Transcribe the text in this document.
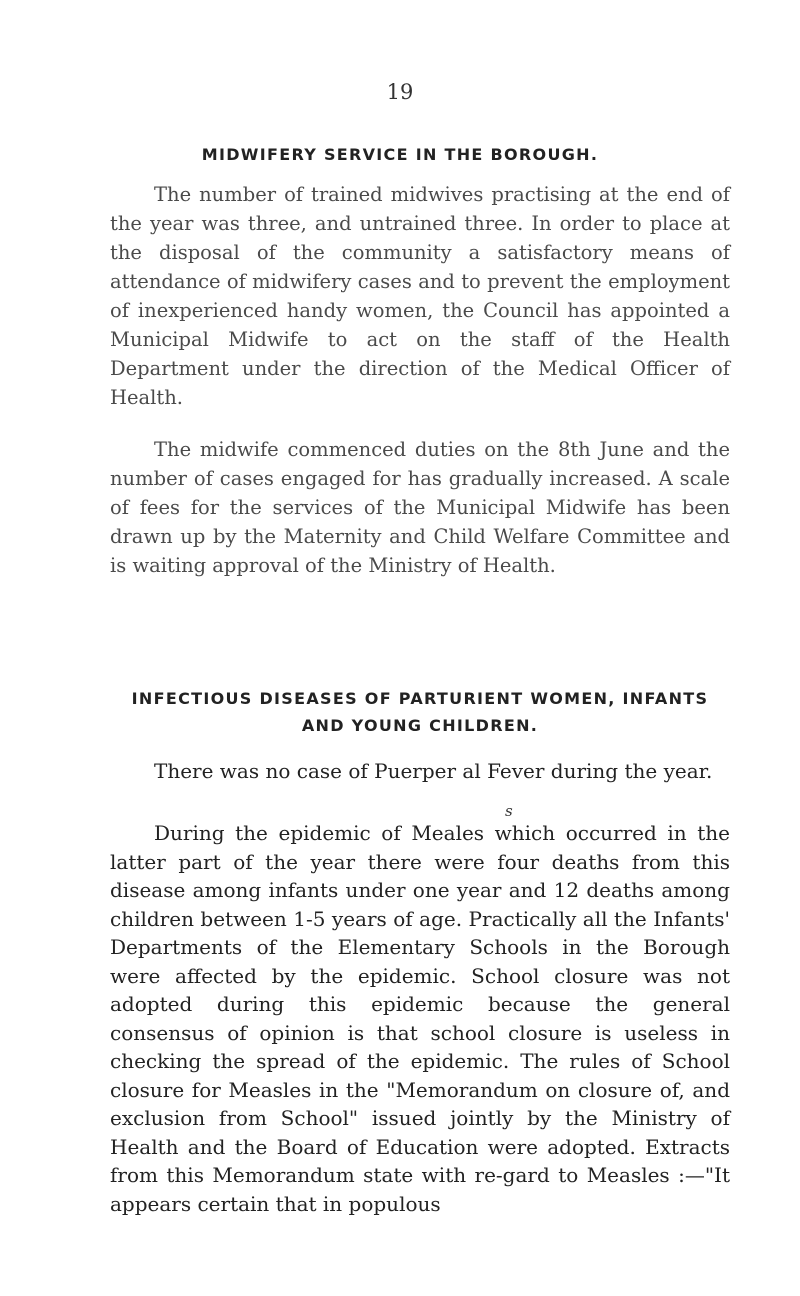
19
MIDWIFERY SERVICE IN THE BOROUGH.

The number of trained midwives practising at the end of the year was three, and untrained three. In order to place at the disposal of the community a satisfactory means of attendance of midwifery cases and to prevent the employment of inexperienced handy women, the Council has appointed a Municipal Midwife to act on the staff of the Health Department under the direction of the Medical Officer of Health.

The midwife commenced duties on the 8th June and the number of cases engaged for has gradually increased. A scale of fees for the services of the Municipal Midwife has been drawn up by the Maternity and Child Welfare Committee and is waiting approval of the Ministry of Health.

INFECTIOUS DISEASES OF PARTURIENT WOMEN, INFANTS
AND YOUNG CHILDREN.

There was no case of Puerper al Fever during the year.

s

During the epidemic of Meales which occurred in the latter part of the year there were four deaths from this disease among infants under one year and 12 deaths among children between 1-5 years of age. Practically all the Infants' Departments of the Elementary Schools in the Borough were affected by the epidemic. School closure was not adopted during this epidemic because the general consensus of opinion is that school closure is useless in checking the spread of the epidemic. The rules of School closure for Measles in the "Memorandum on closure of, and exclusion from School" issued jointly by the Ministry of Health and the Board of Education were adopted. Extracts from this Memorandum state with re-gard to Measles :—"It appears certain that in populous
